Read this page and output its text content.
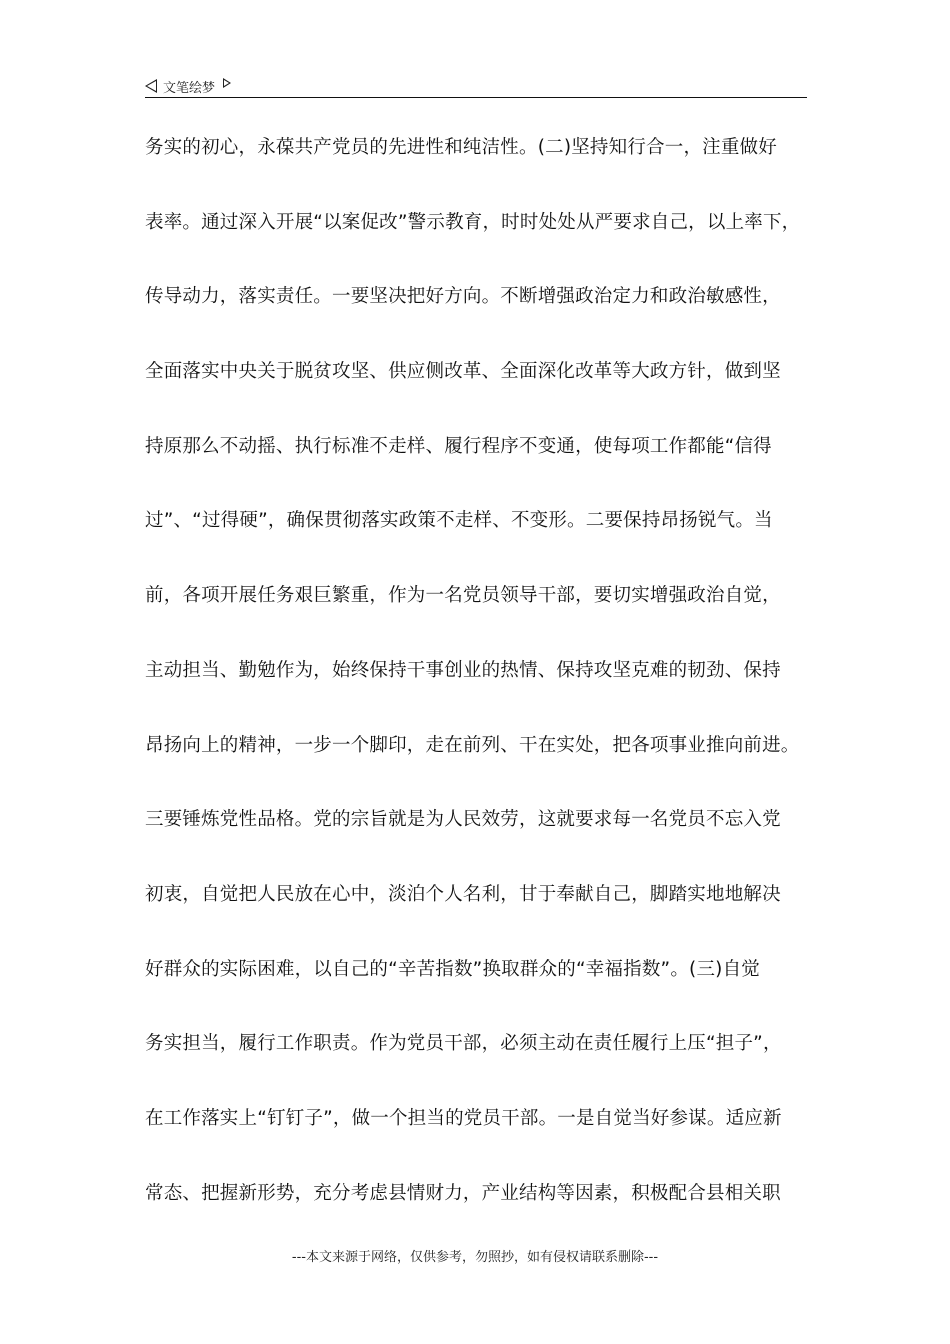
文笔绘梦
务实的初心，永葆共产党员的先进性和纯洁性。(二)坚持知行合一，注重做好
表率。通过深入开展“以案促改”警示教育，时时处处从严要求自己，以上率下，
传导动力，落实责任。一要坚决把好方向。不断增强政治定力和政治敏感性，
全面落实中央关于脱贫攻坚、供应侧改革、全面深化改革等大政方针，做到坚
持原那么不动摇、执行标准不走样、履行程序不变通，使每项工作都能“信得
过”、“过得硬”，确保贯彻落实政策不走样、不变形。二要保持昂扬锐气。当
前，各项开展任务艰巨繁重，作为一名党员领导干部，要切实增强政治自觉，
主动担当、勤勉作为，始终保持干事创业的热情、保持攻坚克难的韧劲、保持
昂扬向上的精神，一步一个脚印，走在前列、干在实处，把各项事业推向前进。
三要锤炼党性品格。党的宗旨就是为人民效劳，这就要求每一名党员不忘入党
初衷，自觉把人民放在心中，淡泊个人名利，甘于奉献自己，脚踏实地地解决
好群众的实际困难，以自己的“辛苦指数”换取群众的“幸福指数”。(三)自觉
务实担当，履行工作职责。作为党员干部，必须主动在责任履行上压“担子”，
在工作落实上“钉钉子”，做一个担当的党员干部。一是自觉当好参谋。适应新
常态、把握新形势，充分考虑县情财力，产业结构等因素，积极配合县相关职
---本文来源于网络，仅供参考，勿照抄，如有侵权请联系删除---
